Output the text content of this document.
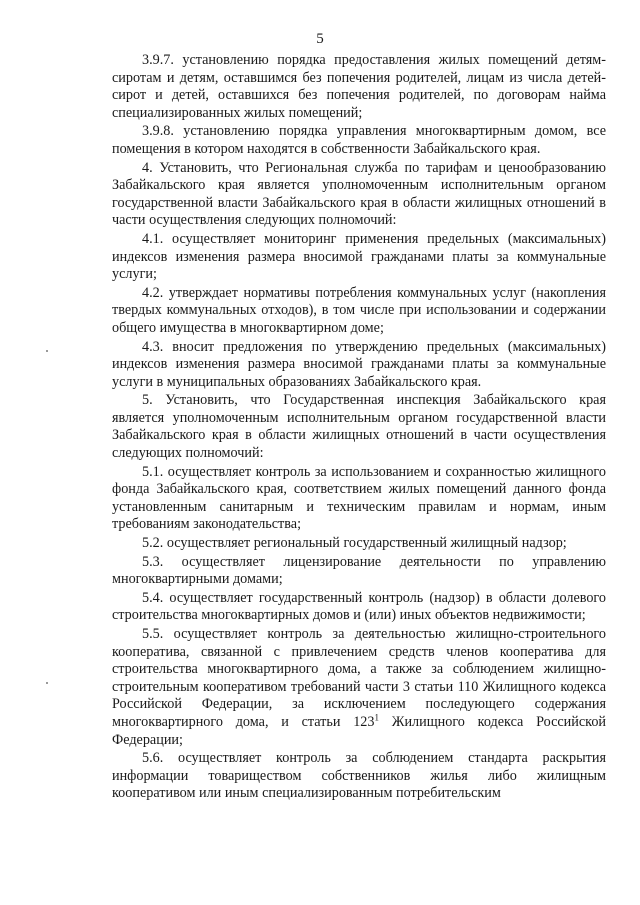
5

3.9.7. установлению порядка предоставления жилых помещений детям-сиротам и детям, оставшимся без попечения родителей, лицам из числа детей-сирот и детей, оставшихся без попечения родителей, по договорам найма специализированных жилых помещений;

3.9.8. установлению порядка управления многоквартирным домом, все помещения в котором находятся в собственности Забайкальского края.

4. Установить, что Региональная служба по тарифам и ценообразованию Забайкальского края является уполномоченным исполнительным органом государственной власти Забайкальского края в области жилищных отношений в части осуществления следующих полномочий:

4.1. осуществляет мониторинг применения предельных (максимальных) индексов изменения размера вносимой гражданами платы за коммунальные услуги;

4.2. утверждает нормативы потребления коммунальных услуг (накопления твердых коммунальных отходов), в том числе при использовании и содержании общего имущества в многоквартирном доме;

4.3. вносит предложения по утверждению предельных (максимальных) индексов изменения размера вносимой гражданами платы за коммунальные услуги в муниципальных образованиях Забайкальского края.

5. Установить, что Государственная инспекция Забайкальского края является уполномоченным исполнительным органом государственной власти Забайкальского края в области жилищных отношений в части осуществления следующих полномочий:

5.1. осуществляет контроль за использованием и сохранностью жилищного фонда Забайкальского края, соответствием жилых помещений данного фонда установленным санитарным и техническим правилам и нормам, иным требованиям законодательства;

5.2. осуществляет региональный государственный жилищный надзор;

5.3. осуществляет лицензирование деятельности по управлению многоквартирными домами;

5.4. осуществляет государственный контроль (надзор) в области долевого строительства многоквартирных домов и (или) иных объектов недвижимости;

5.5. осуществляет контроль за деятельностью жилищно-строительного кооператива, связанной с привлечением средств членов кооператива для строительства многоквартирного дома, а также за соблюдением жилищно-строительным кооперативом требований части 3 статьи 110 Жилищного кодекса Российской Федерации, за исключением последующего содержания многоквартирного дома, и статьи $123^1$ Жилищного кодекса Российской Федерации;

5.6. осуществляет контроль за соблюдением стандарта раскрытия информации товариществом собственников жилья либо жилищным кооперативом или иным специализированным потребительским
